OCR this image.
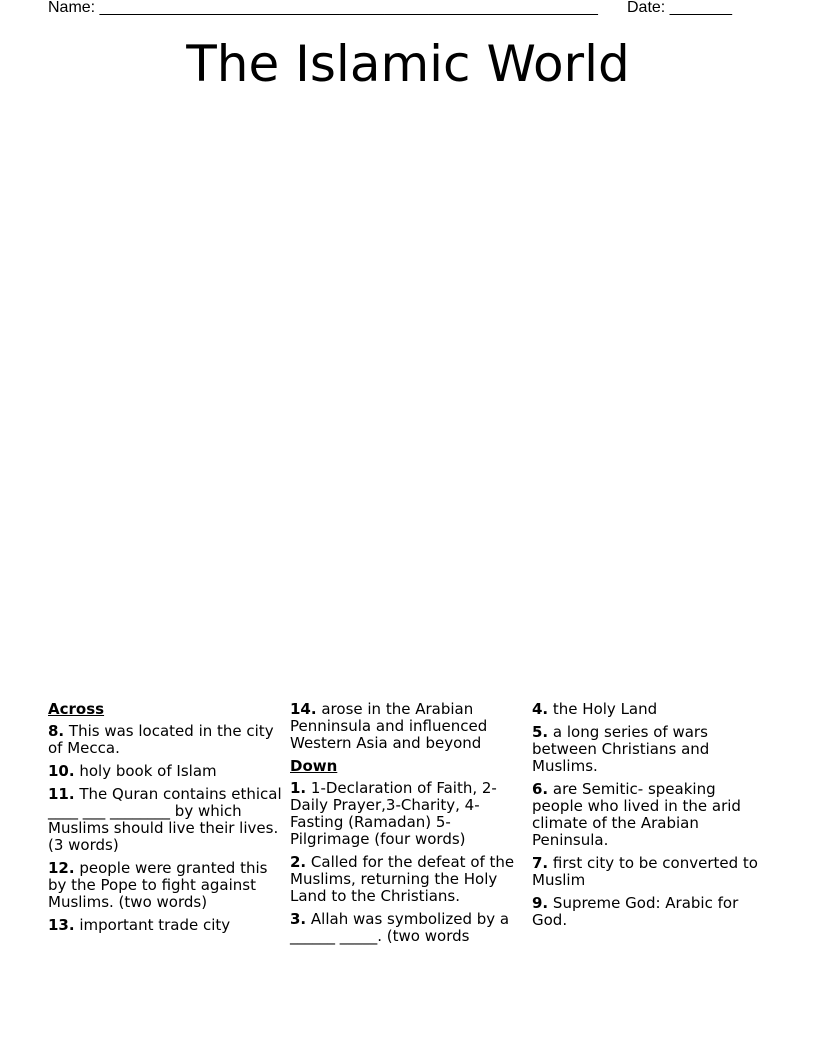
Name: ________________________________________________________ Date: _______
The Islamic World
Across
8. This was located in the city of Mecca.
10. holy book of Islam
11. The Quran contains ethical ____ ___ ________ by which Muslims should live their lives. (3 words)
12. people were granted this by the Pope to fight against Muslims. (two words)
13. important trade city
14. arose in the Arabian Penninsula and influenced Western Asia and beyond
Down
1. 1-Declaration of Faith, 2-Daily Prayer,3-Charity, 4-Fasting (Ramadan) 5-Pilgrimage (four words)
2. Called for the defeat of the Muslims, returning the Holy Land to the Christians.
3. Allah was symbolized by a ______ _____. (two words
4. the Holy Land
5. a long series of wars between Christians and Muslims.
6. are Semitic- speaking people who lived in the arid climate of the Arabian Peninsula.
7. first city to be converted to Muslim
9. Supreme God: Arabic for God.
